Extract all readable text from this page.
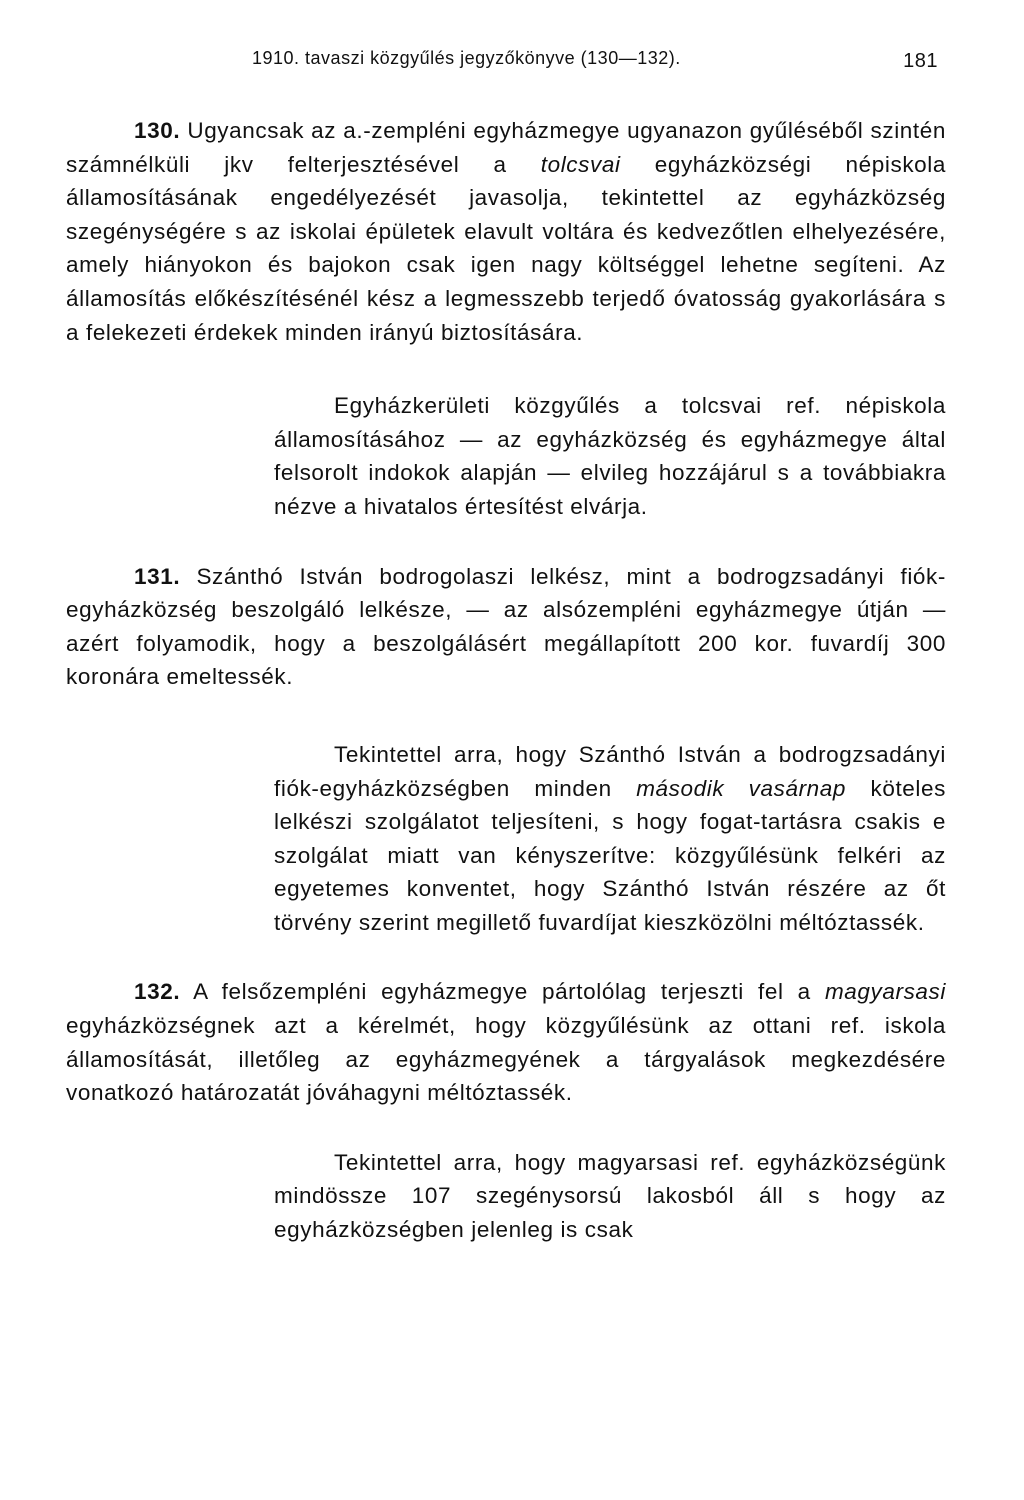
1910. tavaszi közgyűlés jegyzőkönyve (130—132).	181

130. Ugyancsak az a.-zempléni egyházmegye ugyanazon gyűléséből szintén számnélküli jkv felterjesztésével a tolcsvai egyházközségi népiskola államosításának engedélyezését javasolja, tekintettel az egyházközség szegénységére s az iskolai épületek elavult voltára és kedvezőtlen elhelyezésére, amely hiányokon és bajokon csak igen nagy költséggel lehetne segíteni. Az államosítás előkészítésénél kész a legmesszebb terjedő óvatosság gyakorlására s a felekezeti érdekek minden irányú biztosítására.

Egyházkerületi közgyűlés a tolcsvai ref. népiskola államosításához — az egyházközség és egyházmegye által felsorolt indokok alapján — elvileg hozzájárul s a továbbiakra nézve a hivatalos értesítést elvárja.

131. Szánthó István bodrogolaszi lelkész, mint a bodrogzsadányi fiók-egyházközség beszolgáló lelkésze, — az alsózempléni egyházmegye útján — azért folyamodik, hogy a beszolgálásért megállapított 200 kor. fuvardíj 300 koronára emeltessék.

Tekintettel arra, hogy Szánthó István a bodrogzsadányi fiók-egyházközségben minden második vasárnap köteles lelkészi szolgálatot teljesíteni, s hogy fogat-tartásra csakis e szolgálat miatt van kényszerítve: közgyűlésünk felkéri az egyetemes konventet, hogy Szánthó István részére az őt törvény szerint megillető fuvardíjat kieszközölni méltóztassék.

132. A felsőzempléni egyházmegye pártolólag terjeszti fel a magyarsasi egyházközségnek azt a kérelmét, hogy közgyűlésünk az ottani ref. iskola államosítását, illetőleg az egyházmegyének a tárgyalások megkezdésére vonatkozó határozatát jóváhagyni méltóztassék.

Tekintettel arra, hogy magyarsasi ref. egyházközségünk mindössze 107 szegénysorsú lakosból áll s hogy az egyházközségben jelenleg is csak
